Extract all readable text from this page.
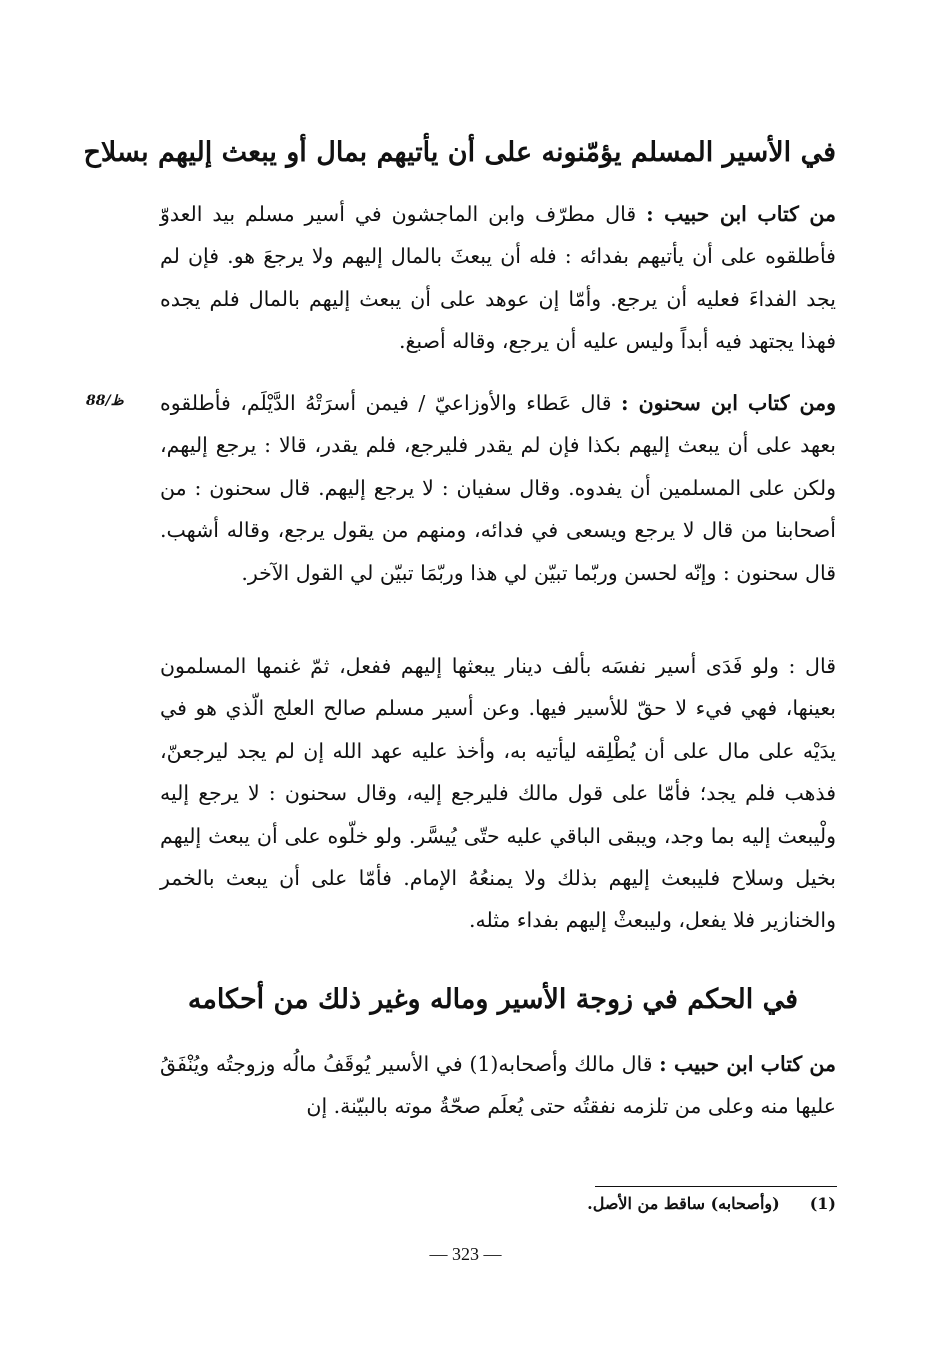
في الأسير المسلم يؤمّنونه على أن يأتيهم بمال أو يبعث إليهم بسلاح
من كتاب ابن حبيب : قال مطرّف وابن الماجشون في أسير مسلم بيد العدوّ فأطلقوه على أن يأتيهم بفدائه : فله أن يبعثَ بالمال إليهم ولا يرجعَ هو. فإن لم يجد الفداءَ فعليه أن يرجع. وأمّا إن عوهد على أن يبعث إليهم بالمال فلم يجده فهذا يجتهد فيه أبداً وليس عليه أن يرجع، وقاله أصبغ.
ظ/88	ومن كتاب ابن سحنون : قال عَطاء والأوزاعيّ / فيمن أسرَتْهُ الدَّيْلَم، فأطلقوه بعهد على أن يبعث إليهم بكذا فإن لم يقدر فليرجع، فلم يقدر، قالا : يرجع إليهم، ولكن على المسلمين أن يفدوه. وقال سفيان : لا يرجع إليهم. قال سحنون : من أصحابنا من قال لا يرجع ويسعى في فدائه، ومنهم من يقول يرجع، وقاله أشهب. قال سحنون : وإنّه لحسن وربّما تبيّن لي هذا وربّمَا تبيّن لي القول الآخر.
قال : ولو فَدَى أسير نفسَه بألف دينار يبعثها إليهم ففعل، ثمّ غنمها المسلمون بعينها، فهي فيء لا حقّ للأسير فيها. وعن أسير مسلم صالح العلج الّذي هو في يدَيْه على مال على أن يُطْلِقه ليأتيه به، وأخذ عليه عهد الله إن لم يجد ليرجعنّ، فذهب فلم يجد؛ فأمّا على قول مالك فليرجع إليه، وقال سحنون : لا يرجع إليه ولْيبعث إليه بما وجد، ويبقى الباقي عليه حتّى يُيسَّر. ولو خلّوه على أن يبعث إليهم بخيل وسلاح فليبعث إليهم بذلك ولا يمنعُهُ الإمام. فأمّا على أن يبعث بالخمر والخنازير فلا يفعل، وليبعثْ إليهم بفداء مثله.
في الحكم في زوجة الأسير وماله وغير ذلك من أحكامه
من كتاب ابن حبيب : قال مالك وأصحابه(1) في الأسير يُوقَفُ مالُه وزوجتُه ويُنْفَقُ عليها منه وعلى من تلزمه نفقتُه حتى يُعلَم صحّةُ موته بالبيّنة. إن
(1)(وأصحابه) ساقط من الأصل.
— 323 —
